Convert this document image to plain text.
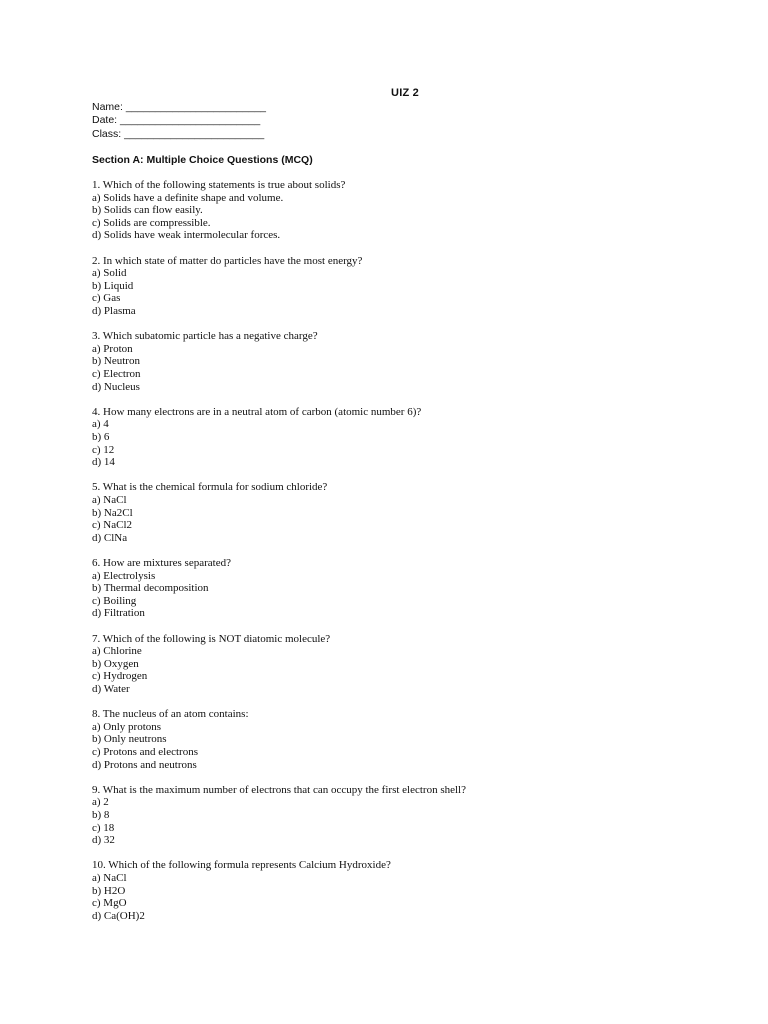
UIZ 2
Name: ________________________
Date: ________________________
Class: ________________________
Section A: Multiple Choice Questions (MCQ)
1. Which of the following statements is true about solids?
a) Solids have a definite shape and volume.
b) Solids can flow easily.
c) Solids are compressible.
d) Solids have weak intermolecular forces.
2. In which state of matter do particles have the most energy?
a) Solid
b) Liquid
c) Gas
d) Plasma
3. Which subatomic particle has a negative charge?
a) Proton
b) Neutron
c) Electron
d) Nucleus
4. How many electrons are in a neutral atom of carbon (atomic number 6)?
a) 4
b) 6
c) 12
d) 14
5. What is the chemical formula for sodium chloride?
a) NaCl
b) Na2Cl
c) NaCl2
d) ClNa
6. How are mixtures separated?
a) Electrolysis
b) Thermal decomposition
c) Boiling
d) Filtration
7. Which of the following is NOT diatomic molecule?
a) Chlorine
b) Oxygen
c) Hydrogen
d) Water
8. The nucleus of an atom contains:
a) Only protons
b) Only neutrons
c) Protons and electrons
d) Protons and neutrons
9. What is the maximum number of electrons that can occupy the first electron shell?
a) 2
b) 8
c) 18
d) 32
10. Which of the following formula represents Calcium Hydroxide?
a) NaCl
b) H2O
c) MgO
d) Ca(OH)2
